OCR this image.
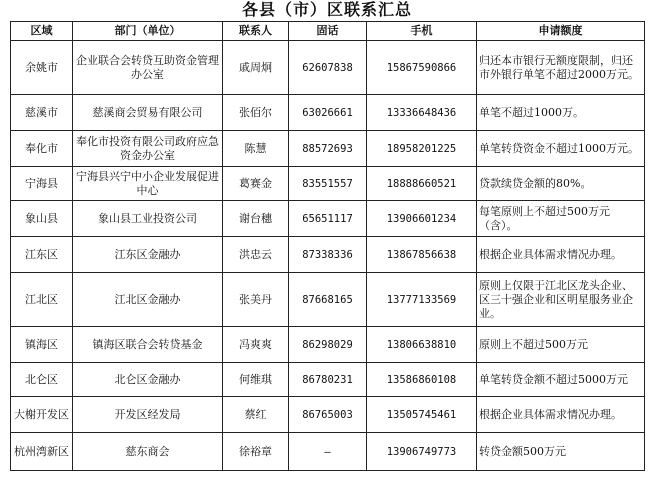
各县（市）区联系汇总
区域	部门（单位）	联系人	固话	手机	申请额度
余姚市	企业联合会转贷互助资金管理办公室	戚周炯	62607838	15867590866	归还本市银行无额度限制，归还市外银行单笔不超过2000万元。
慈溪市	慈溪商会贸易有限公司	张佰尔	63026661	13336648436	单笔不超过1000万。
奉化市	奉化市投资有限公司政府应急资金办公室	陈慧	88572693	18958201225	单笔转贷资金不超过1000万元。
宁海县	宁海县兴宁中小企业发展促进中心	葛赛金	83551557	18888660521	贷款续贷金额的80%。
象山县	象山县工业投资公司	谢台穗	65651117	13906601234	每笔原则上不超过500万元（含）。
江东区	江东区金融办	洪忠云	87338336	13867856638	根据企业具体需求情况办理。
江北区	江北区金融办	张美丹	87668165	13777133569	原则上仅限于江北区龙头企业、区三十强企业和区明星服务业企业。
镇海区	镇海区联合会转贷基金	冯爽爽	86298029	13806638810	原则上不超过500万元
北仑区	北仑区金融办	何维琪	86780231	13586860108	单笔转贷金额不超过5000万元
大榭开发区	开发区经发局	蔡红	86765003	13505745461	根据企业具体需求情况办理。
杭州湾新区	慈东商会	徐裕章	—	13906749773	转贷金额500万元
